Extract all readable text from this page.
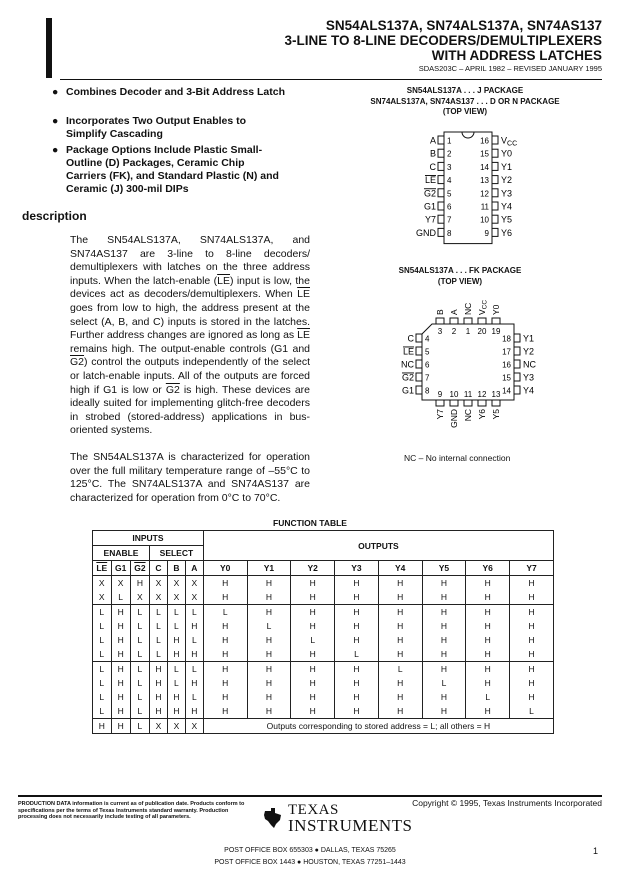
SN54ALS137A, SN74ALS137A, SN74AS137
3-LINE TO 8-LINE DECODERS/DEMULTIPLEXERS
WITH ADDRESS LATCHES
SDAS203C – APRIL 1982 – REVISED JANUARY 1995
● Combines Decoder and 3-Bit Address Latch
● Incorporates Two Output Enables to Simplify Cascading
● Package Options Include Plastic Small-Outline (D) Packages, Ceramic Chip Carriers (FK), and Standard Plastic (N) and Ceramic (J) 300-mil DIPs
description
The SN54ALS137A, SN74ALS137A, and SN74AS137 are 3-line to 8-line decoders/ demultiplexers with latches on the three address inputs. When the latch-enable $(\overline{LE})$ input is low, the devices act as decoders/demultiplexers. When $\overline{LE}$ goes from low to high, the address present at the select (A, B, and C) inputs is stored in the latches. Further address changes are ignored as long as $\overline{LE}$ remains high. The output-enable controls (G1 and G2) control the outputs independently of the select or latch-enable inputs. All of the outputs are forced high if G1 is low or G2 is high. These devices are ideally suited for implementing glitch-free decoders in strobed (stored-address) applications in bus-oriented systems.
The SN54ALS137A is characterized for operation over the full military temperature range of –55°C to 125°C. The SN74ALS137A and SN74AS137 are characterized for operation from 0°C to 70°C.
SN54ALS137A . . . J PACKAGE
SN74ALS137A, SN74AS137 . . . D OR N PACKAGE
(TOP VIEW)
A 1
B 2
C 3
LE 4
G2 5
G1 6
Y7 7
GND 8
16 $V_{CC}$
15 Y0
14 Y1
13 Y2
12 Y3
11 Y4
10 Y5
9 Y6
SN54ALS137A . . . FK PACKAGE
(TOP VIEW)
B
3
A
2
NC
1
VCC
20
Y0
19
9
Y7
10
GND
11
NC
12
Y6
13
Y5
C 4
LE 5
NC 6
G2 7
G1 8
18 Y1
17 Y2
16 NC
15 Y3
14 Y4
NC – No internal connection
FUNCTION TABLE
INPUTS						OUTPUTS							
ENABLE			SELECT										
$\overline{LE}$	G1	G2	C	B	A	Y0	Y1	Y2	Y3	Y4	Y5	Y6	Y7
X	X	H	X	X	X	H	H	H	H	H	H	H	H
X	L	X	X	X	X	H	H	H	H	H	H	H	H
L	H	L	L	L	L	L	H	H	H	H	H	H	H
L	H	L	L	L	H	H	L	H	H	H	H	H	H
L	H	L	L	H	L	H	H	L	H	H	H	H	H
L	H	L	L	H	H	H	H	H	L	H	H	H	H
L	H	L	H	L	L	H	H	H	H	L	H	H	H
L	H	L	H	L	H	H	H	H	H	H	L	H	H
L	H	L	H	H	L	H	H	H	H	H	H	L	H
L	H	L	H	H	H	H	H	H	H	H	H	H	L
H	H	L	X	X	X	Outputs corresponding to stored address = L; all others = H							
PRODUCTION DATA information is current as of publication date. Products conform to specifications per the terms of Texas Instruments standard warranty. Production processing does not necessarily include testing of all parameters.
Copyright © 1995, Texas Instruments Incorporated
TEXAS
INSTRUMENTS
POST OFFICE BOX 655303 ● DALLAS, TEXAS 75265
POST OFFICE BOX 1443 ● HOUSTON, TEXAS 77251–1443
1
